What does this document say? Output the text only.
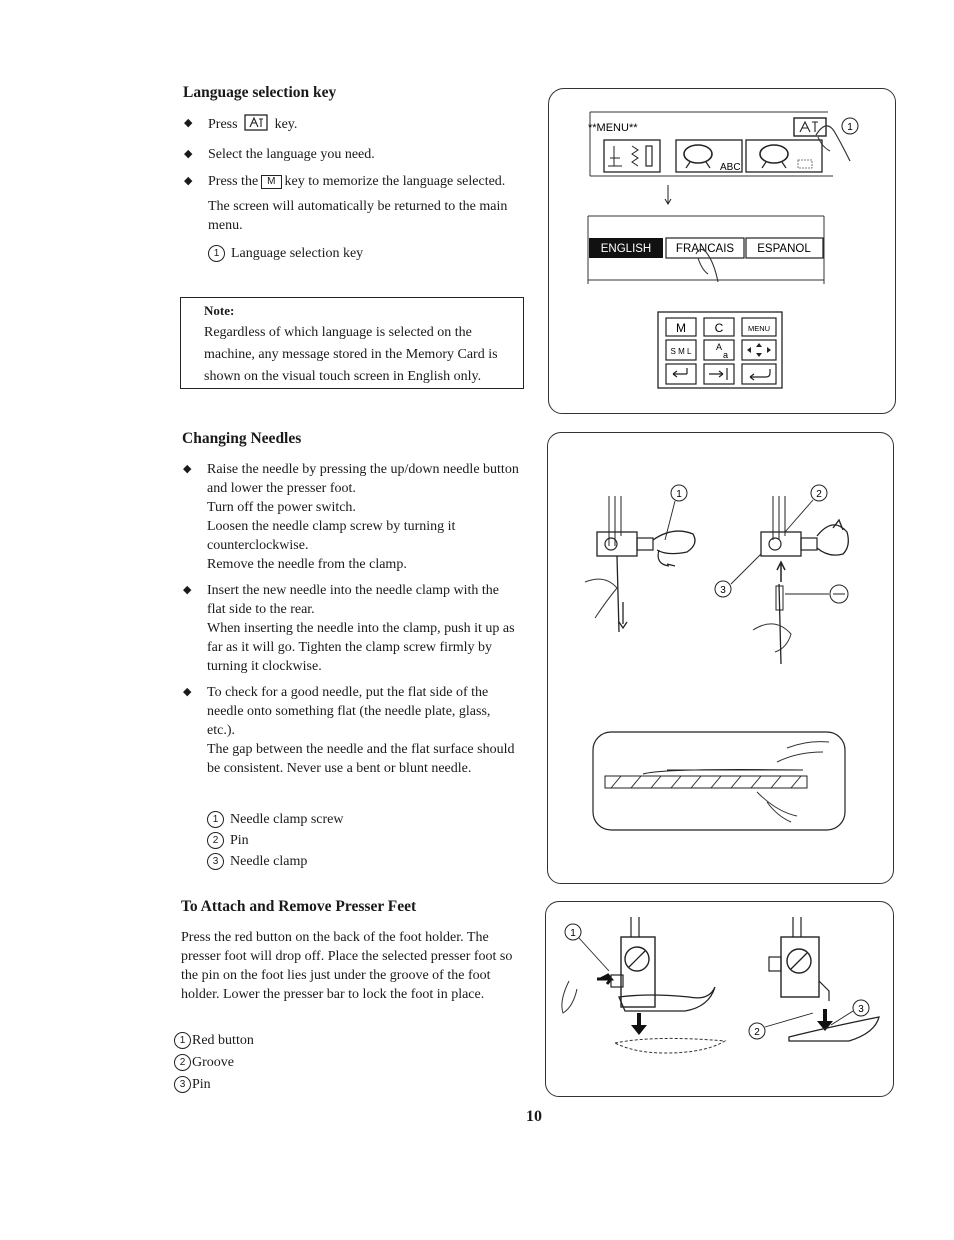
Language selection key
◆ Press	key.
◆ Select the language you need.
◆ Press the M key to memorize the language selected.
The screen will automatically be returned to the main menu.
1 Language selection key
Note:
Regardless of which language is selected on the machine, any message stored in the Memory Card is shown on the visual touch screen in English only.
**MENU**	1
ABC
ENGLISH FRANCAIS ESPANOL
M C	MENU
S M L	A
a
Changing Needles
◆ Raise the needle by pressing the up/down needle button and lower the presser foot.
Turn off the power switch.
Loosen the needle clamp screw by turning it counterclockwise.
Remove the needle from the clamp.
◆ Insert the new needle into the needle clamp with the flat side to the rear.
When inserting the needle into the clamp, push it up as far as it will go. Tighten the clamp screw firmly by turning it clockwise.
◆ To check for a good needle, put the flat side of the needle onto something flat (the needle plate, glass, etc.).
The gap between the needle and the flat surface should be consistent. Never use a bent or blunt needle.
1 Needle clamp screw
2 Pin
3 Needle clamp
1	2
3
To Attach and Remove Presser Feet

Press the red button on the back of the foot holder. The presser foot will drop off. Place the selected presser foot so the pin on the foot lies just under the groove of the foot holder. Lower the presser bar to lock the foot in place.

1 Red button
2 Groove
3 Pin
1
2
3
10
